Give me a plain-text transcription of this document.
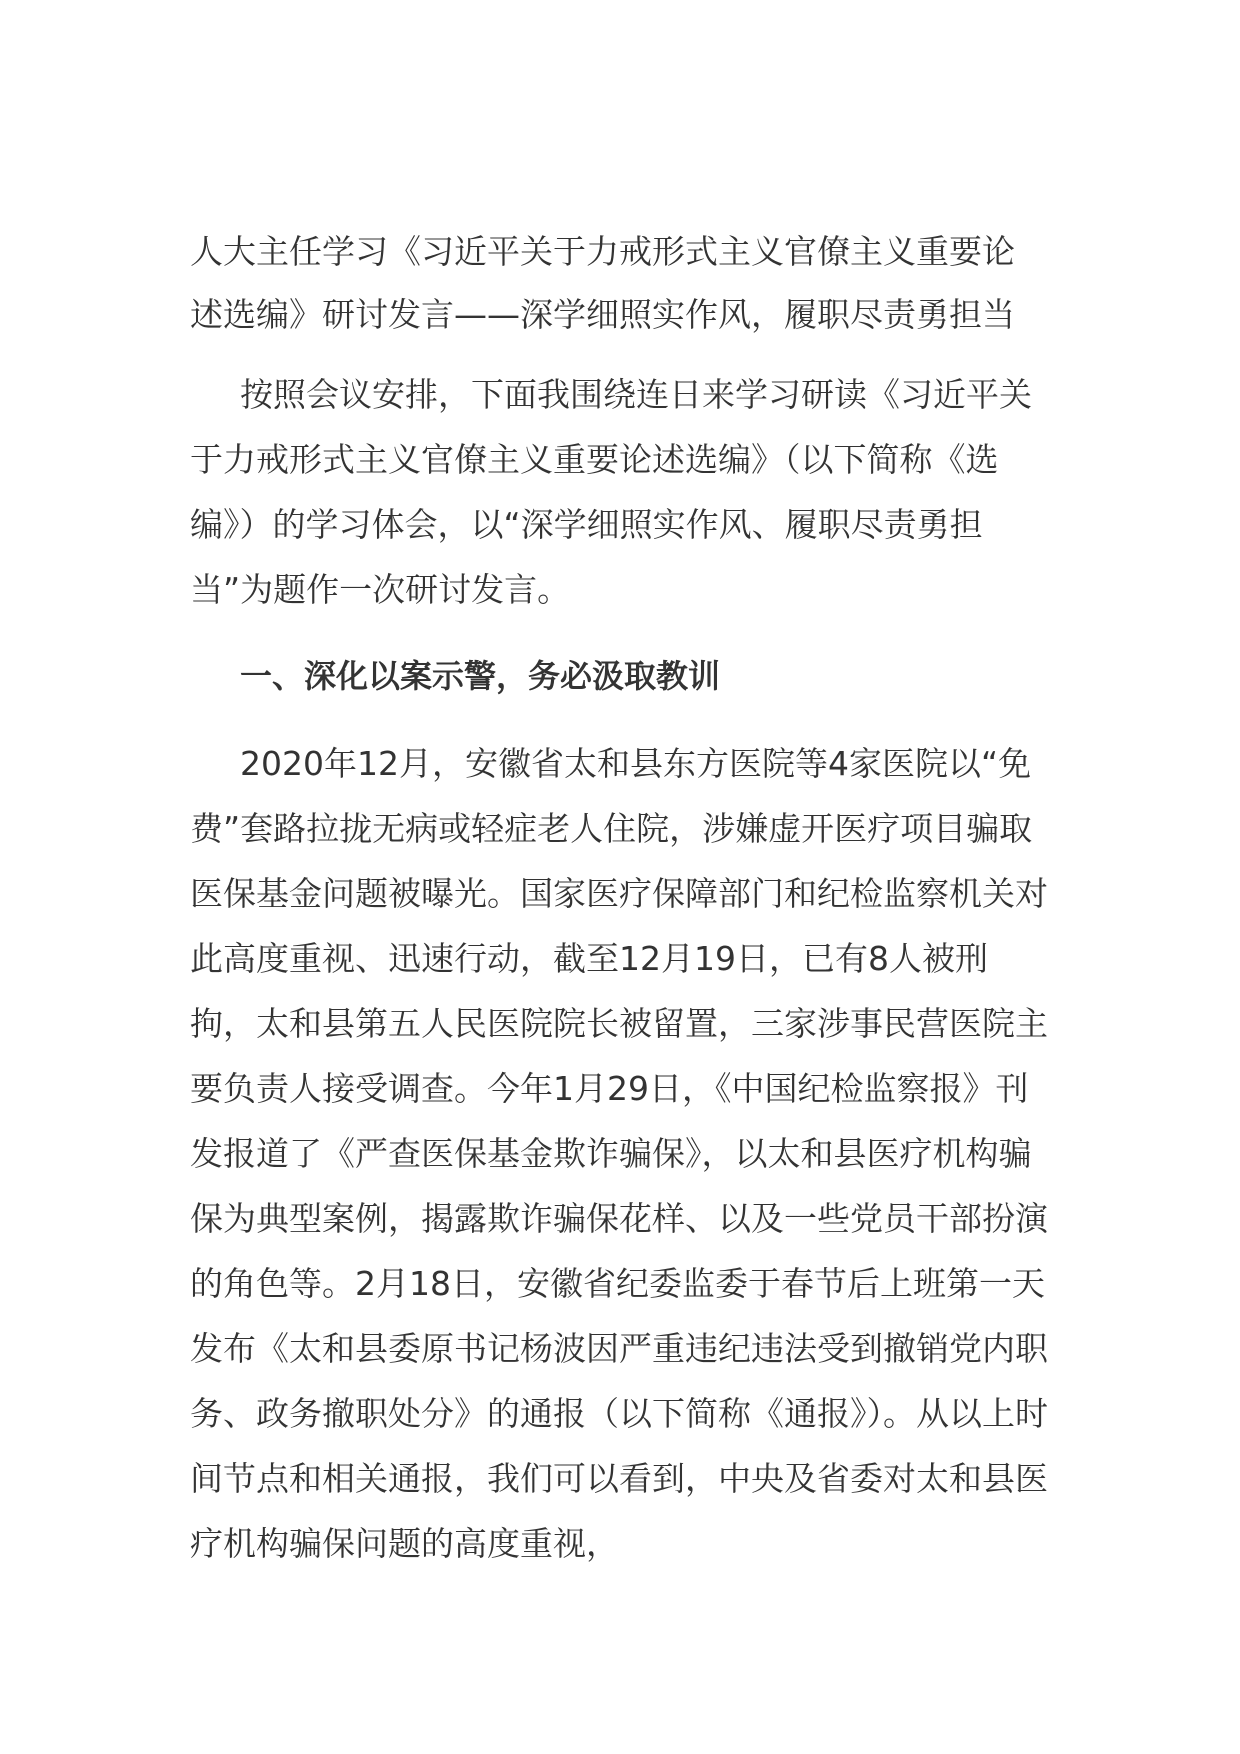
人大主任学习《习近平关于力戒形式主义官僚主义重要论述选编》研讨发言——深学细照实作风，履职尽责勇担当

按照会议安排，下面我围绕连日来学习研读《习近平关于力戒形式主义官僚主义重要论述选编》（以下简称《选编》）的学习体会，以“深学细照实作风、履职尽责勇担当”为题作一次研讨发言。

一、深化以案示警，务必汲取教训

2020年12月，安徽省太和县东方医院等4家医院以“免费”套路拉拢无病或轻症老人住院，涉嫌虚开医疗项目骗取医保基金问题被曝光。国家医疗保障部门和纪检监察机关对此高度重视、迅速行动，截至12月19日，已有8人被刑拘，太和县第五人民医院院长被留置，三家涉事民营医院主要负责人接受调查。今年1月29日，《中国纪检监察报》刊发报道了《严查医保基金欺诈骗保》，以太和县医疗机构骗保为典型案例，揭露欺诈骗保花样、以及一些党员干部扮演的角色等。2月18日，安徽省纪委监委于春节后上班第一天发布《太和县委原书记杨波因严重违纪违法受到撤销党内职务、政务撤职处分》的通报（以下简称《通报》）。从以上时间节点和相关通报，我们可以看到，中央及省委对太和县医疗机构骗保问题的高度重视，
